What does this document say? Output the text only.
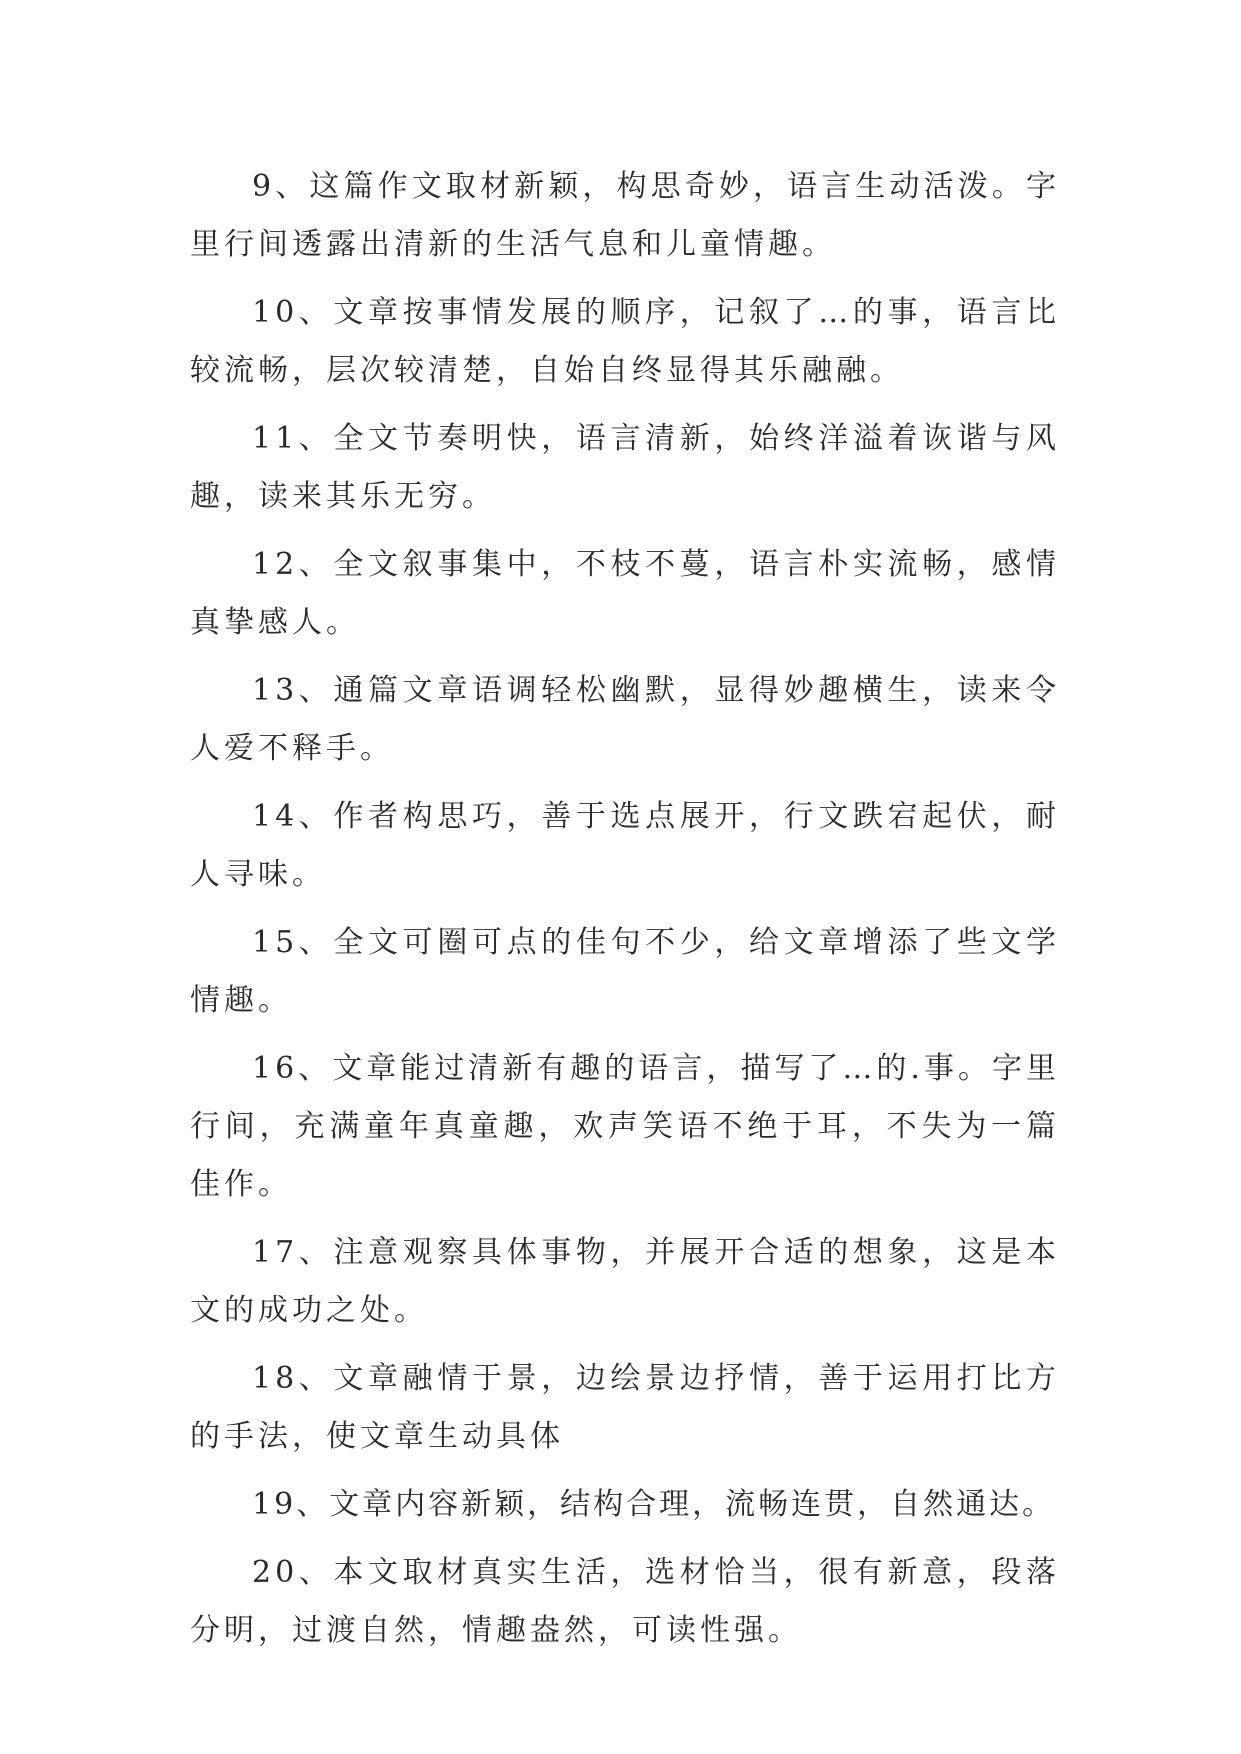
9、这篇作文取材新颖，构思奇妙，语言生动活泼。字里行间透露出清新的生活气息和儿童情趣。

10、文章按事情发展的顺序，记叙了…的事，语言比较流畅，层次较清楚，自始自终显得其乐融融。

11、全文节奏明快，语言清新，始终洋溢着诙谐与风趣，读来其乐无穷。

12、全文叙事集中，不枝不蔓，语言朴实流畅，感情真挚感人。

13、通篇文章语调轻松幽默，显得妙趣横生，读来令人爱不释手。

14、作者构思巧，善于选点展开，行文跌宕起伏，耐人寻味。

15、全文可圈可点的佳句不少，给文章增添了些文学情趣。

16、文章能过清新有趣的语言，描写了…的.事。字里行间，充满童年真童趣，欢声笑语不绝于耳，不失为一篇佳作。

17、注意观察具体事物，并展开合适的想象，这是本文的成功之处。

18、文章融情于景，边绘景边抒情，善于运用打比方的手法，使文章生动具体

19、文章内容新颖，结构合理，流畅连贯，自然通达。

20、本文取材真实生活，选材恰当，很有新意，段落分明，过渡自然，情趣盎然，可读性强。
